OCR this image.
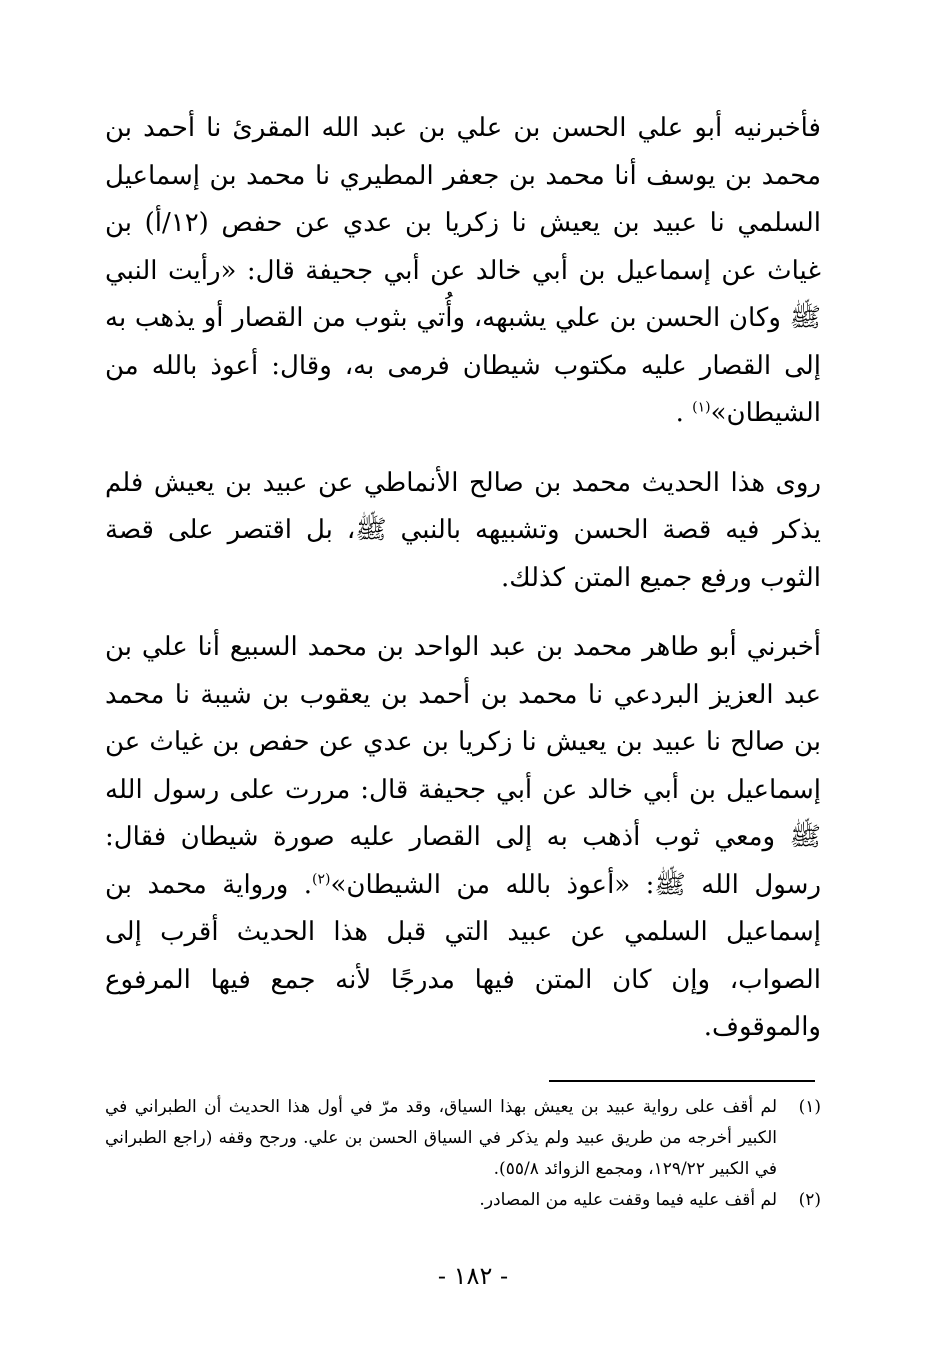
فأخبرنيه أبو علي الحسن بن علي بن عبد الله المقرئ نا أحمد بن محمد بن يوسف أنا محمد بن جعفر المطيري نا محمد بن إسماعيل السلمي نا عبيد بن يعيش نا زكريا بن عدي عن حفص (١٢/أ) بن غياث عن إسماعيل بن أبي خالد عن أبي جحيفة قال: «رأيت النبي ﷺ وكان الحسن بن علي يشبهه، وأُتي بثوب من القصار أو يذهب به إلى القصار عليه مكتوب شيطان فرمى به، وقال: أعوذ بالله من الشيطان»$^{(١)}$ .

روى هذا الحديث محمد بن صالح الأنماطي عن عبيد بن يعيش فلم يذكر فيه قصة الحسن وتشبيهه بالنبي ﷺ، بل اقتصر على قصة الثوب ورفع جميع المتن كذلك.

أخبرني أبو طاهر محمد بن عبد الواحد بن محمد السبيع أنا علي بن عبد العزيز البردعي نا محمد بن أحمد بن يعقوب بن شيبة نا محمد بن صالح نا عبيد بن يعيش نا زكريا بن عدي عن حفص بن غياث عن إسماعيل بن أبي خالد عن أبي جحيفة قال: مررت على رسول الله ﷺ ومعي ثوب أذهب به إلى القصار عليه صورة شيطان فقال: رسول الله ﷺ: «أعوذ بالله من الشيطان»$^{(٢)}$. ورواية محمد بن إسماعيل السلمي عن عبيد التي قبل هذا الحديث أقرب إلى الصواب، وإن كان المتن فيها مدرجًا لأنه جمع فيها المرفوع والموقوف.

(١)
لم أقف على رواية عبيد بن يعيش بهذا السياق، وقد مرّ في أول هذا الحديث أن الطبراني في الكبير أخرجه من طريق عبيد ولم يذكر في السياق الحسن بن علي. ورجح وقفه (راجع الطبراني في الكبير ١٢٩/٢٢، ومجمع الزوائد ٥٥/٨).
(٢)
لم أقف عليه فيما وقفت عليه من المصادر.
- ١٨٢ -
